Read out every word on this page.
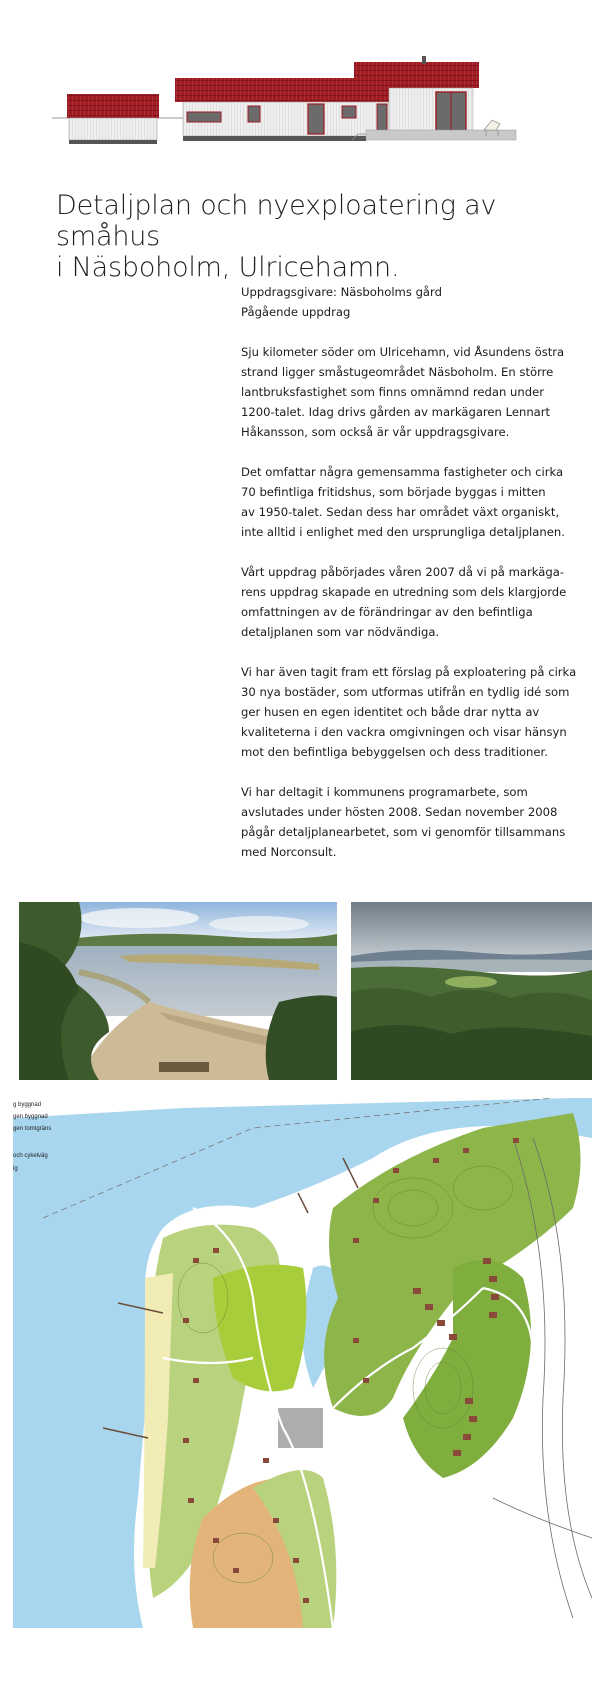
Detaljplan och nyexploatering av småhus
i Näsboholm, Ulricehamn.

Uppdragsgivare: Näsboholms gård
Pågående uppdrag

Sju kilometer söder om Ulricehamn, vid Åsundens östra
strand ligger småstugeområdet Näsboholm. En större
lantbruksfastighet som finns omnämnd redan under
1200-talet. Idag drivs gården av markägaren Lennart
Håkansson, som också är vår uppdragsgivare.

Det omfattar några gemensamma fastigheter och cirka
70 befintliga fritidshus, som började byggas i mitten
av 1950-talet. Sedan dess har området växt organiskt,
inte alltid i enlighet med den ursprungliga detaljplanen.

Vårt uppdrag påbörjades våren 2007 då vi på markäga-
rens uppdrag skapade en utredning som dels klargjorde
omfattningen av de förändringar av den befintliga
detaljplanen som var nödvändiga.

Vi har även tagit fram ett förslag på exploatering på cirka
30 nya bostäder, som utformas utifrån en tydlig idé som
ger husen en egen identitet och både drar nytta av
kvaliteterna i den vackra omgivningen och visar hänsyn
mot den befintliga bebyggelsen och dess traditioner.

Vi har deltagit i kommunens programarbete, som
avslutades under hösten 2008. Sedan november 2008
pågår detaljplanearbetet, som vi genomför tillsammans
med Norconsult.

g byggnad
gen byggnad
gen tomtgräns
och cykelväg
ig
